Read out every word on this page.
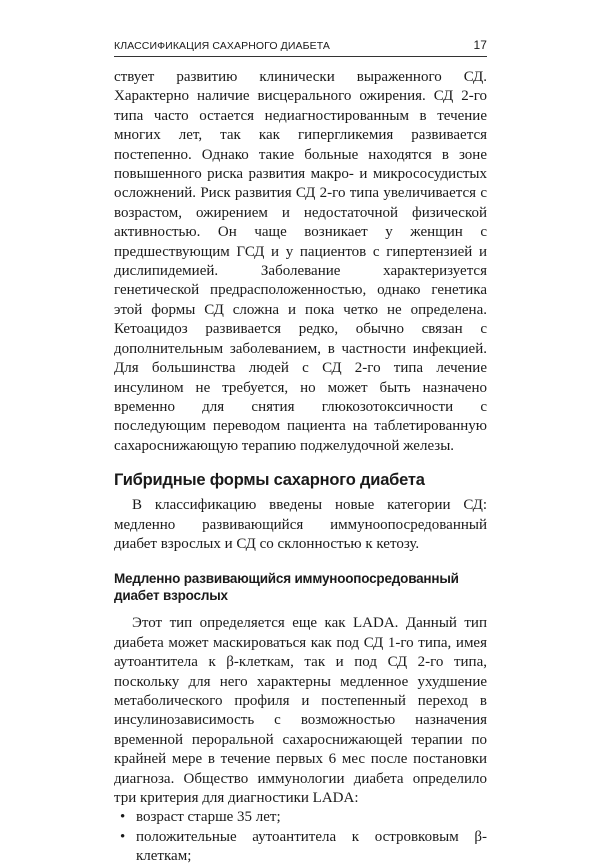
КЛАССИФИКАЦИЯ САХАРНОГО ДИАБЕТА	17

ствует развитию клинически выраженного СД. Характерно наличие висцерального ожирения. СД 2-го типа часто остается недиагностированным в течение многих лет, так как гипергликемия развивается постепенно. Однако такие больные находятся в зоне повышенного риска развития макро- и микрососудистых осложнений. Риск развития СД 2-го типа увеличивается с возрастом, ожирением и недостаточной физической активностью. Он чаще возникает у женщин с предшествующим ГСД и у пациентов с гипертензией и дислипидемией. Заболевание характеризуется генетической предрасположенностью, однако генетика этой формы СД сложна и пока четко не определена. Кетоацидоз развивается редко, обычно связан с дополнительным заболеванием, в частности инфекцией. Для большинства людей с СД 2-го типа лечение инсулином не требуется, но может быть назначено временно для снятия глюкозотоксичности с последующим переводом пациента на таблетированную сахароснижающую терапию поджелудочной железы.

Гибридные формы сахарного диабета

В классификацию введены новые категории СД: медленно развивающийся иммуноопосредованный диабет взрослых и СД со склонностью к кетозу.

Медленно развивающийся иммуноопосредованный диабет взрослых

Этот тип определяется еще как LADA. Данный тип диабета может маскироваться как под СД 1-го типа, имея аутоантитела к β-клеткам, так и под СД 2-го типа, поскольку для него характерны медленное ухудшение метаболического профиля и постепенный переход в инсулинозависимость с возможностью назначения временной пероральной сахароснижающей терапии по крайней мере в течение первых 6 мес после постановки диагноза. Общество иммунологии диабета определило три критерия для диагностики LADA:

• возраст старше 35 лет;
• положительные аутоантитела к островковым β-клеткам;
